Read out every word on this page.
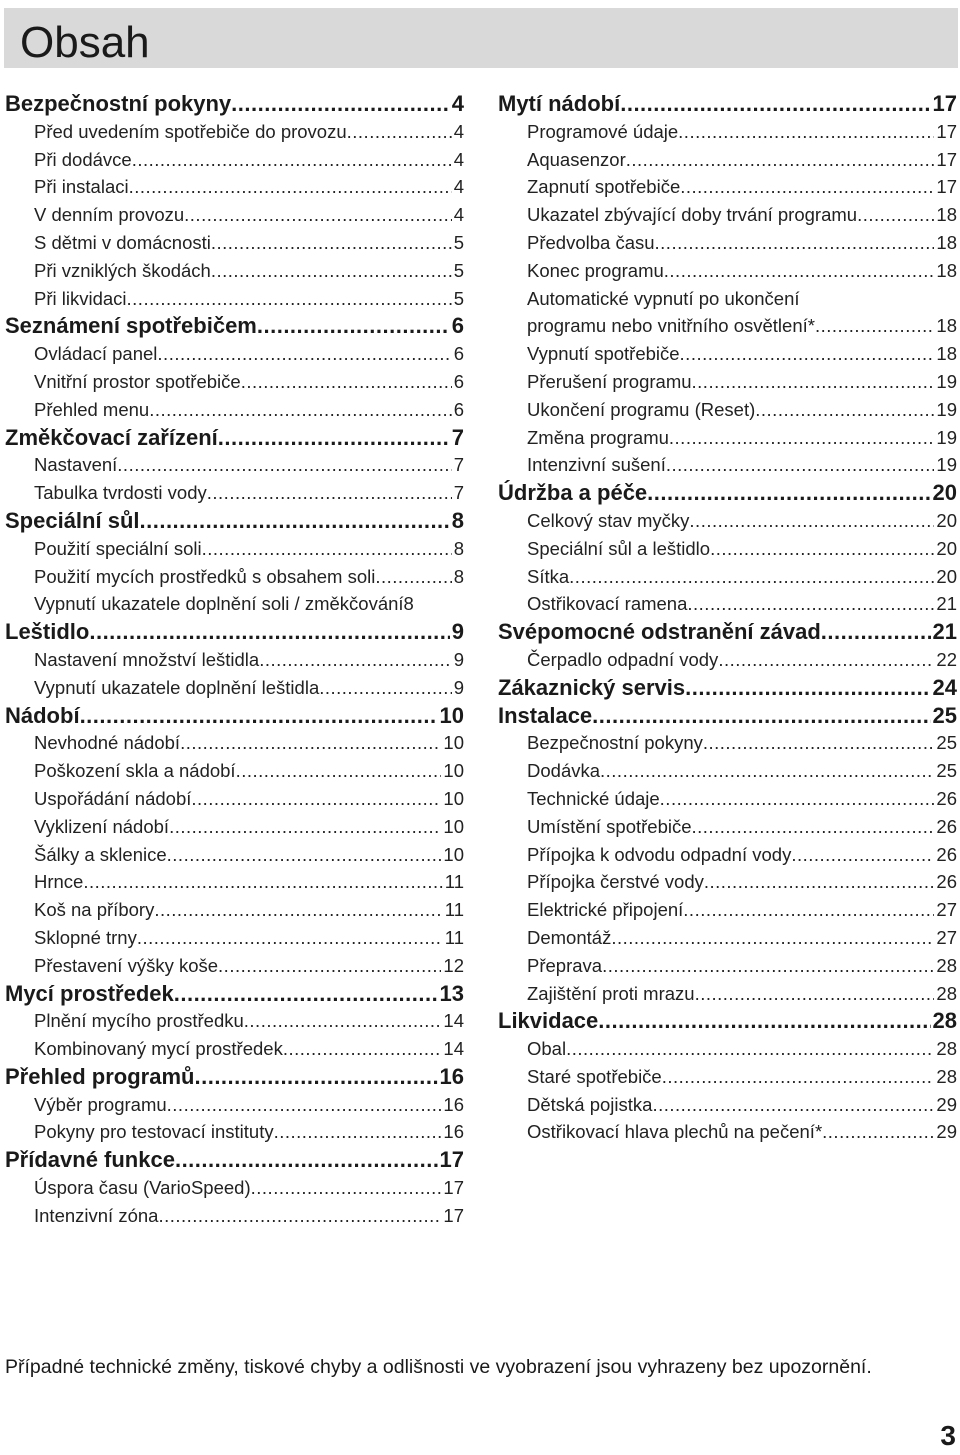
Obsah
Bezpečnostní pokyny .....	4
Před uvedením spotřebiče do provozu .....	4
Při dodávce .....	4
Při instalaci .....	4
V denním provozu .....	4
S dětmi v domácnosti .....	5
Při vzniklých škodách .....	5
Při likvidaci .....	5
Seznámení spotřebičem .....	6
Ovládací panel .....	6
Vnitřní prostor spotřebiče .....	6
Přehled menu .....	6
Změkčovací zařízení .....	7
Nastavení .....	7
Tabulka tvrdosti vody .....	7
Speciální sůl .....	8
Použití speciální soli .....	8
Použití mycích prostředků s obsahem soli .....	8
Vypnutí ukazatele doplnění soli / změkčování 8
Leštidlo .....	9
Nastavení množství leštidla .....	9
Vypnutí ukazatele doplnění leštidla .....	9
Nádobí .....	10
Nevhodné nádobí .....	10
Poškození skla a nádobí .....	10
Uspořádání nádobí .....	10
Vyklizení nádobí .....	10
Šálky a sklenice .....	10
Hrnce .....	11
Koš na příbory .....	11
Sklopné trny .....	11
Přestavení výšky koše .....	12
Mycí prostředek .....	13
Plnění mycího prostředku .....	14
Kombinovaný mycí prostředek .....	14
Přehled programů .....	16
Výběr programu .....	16
Pokyny pro testovací instituty .....	16
Přídavné funkce .....	17
Úspora času (VarioSpeed) .....	17
Intenzivní zóna .....	17
Mytí nádobí .....	17
Programové údaje .....	17
Aquasenzor .....	17
Zapnutí spotřebiče .....	17
Ukazatel zbývající doby trvání programu .....	18
Předvolba času .....	18
Konec programu .....	18
Automatické vypnutí po ukončení
programu nebo vnitřního osvětlení* .....	18
Vypnutí spotřebiče .....	18
Přerušení programu .....	19
Ukončení programu (Reset) .....	19
Změna programu .....	19
Intenzivní sušení .....	19
Údržba a péče .....	20
Celkový stav myčky .....	20
Speciální sůl a leštidlo .....	20
Sítka .....	20
Ostřikovací ramena .....	21
Svépomocné odstranění závad .....	21
Čerpadlo odpadní vody .....	22
Zákaznický servis .....	24
Instalace .....	25
Bezpečnostní pokyny .....	25
Dodávka .....	25
Technické údaje .....	26
Umístění spotřebiče .....	26
Přípojka k odvodu odpadní vody .....	26
Přípojka čerstvé vody .....	26
Elektrické připojení .....	27
Demontáž .....	27
Přeprava .....	28
Zajištění proti mrazu .....	28
Likvidace .....	28
Obal .....	28
Staré spotřebiče .....	28
Dětská pojistka .....	29
Ostřikovací hlava plechů na pečení* .....	29

Případné technické změny, tiskové chyby a odlišnosti ve vyobrazení jsou vyhrazeny bez upozornění.

3
